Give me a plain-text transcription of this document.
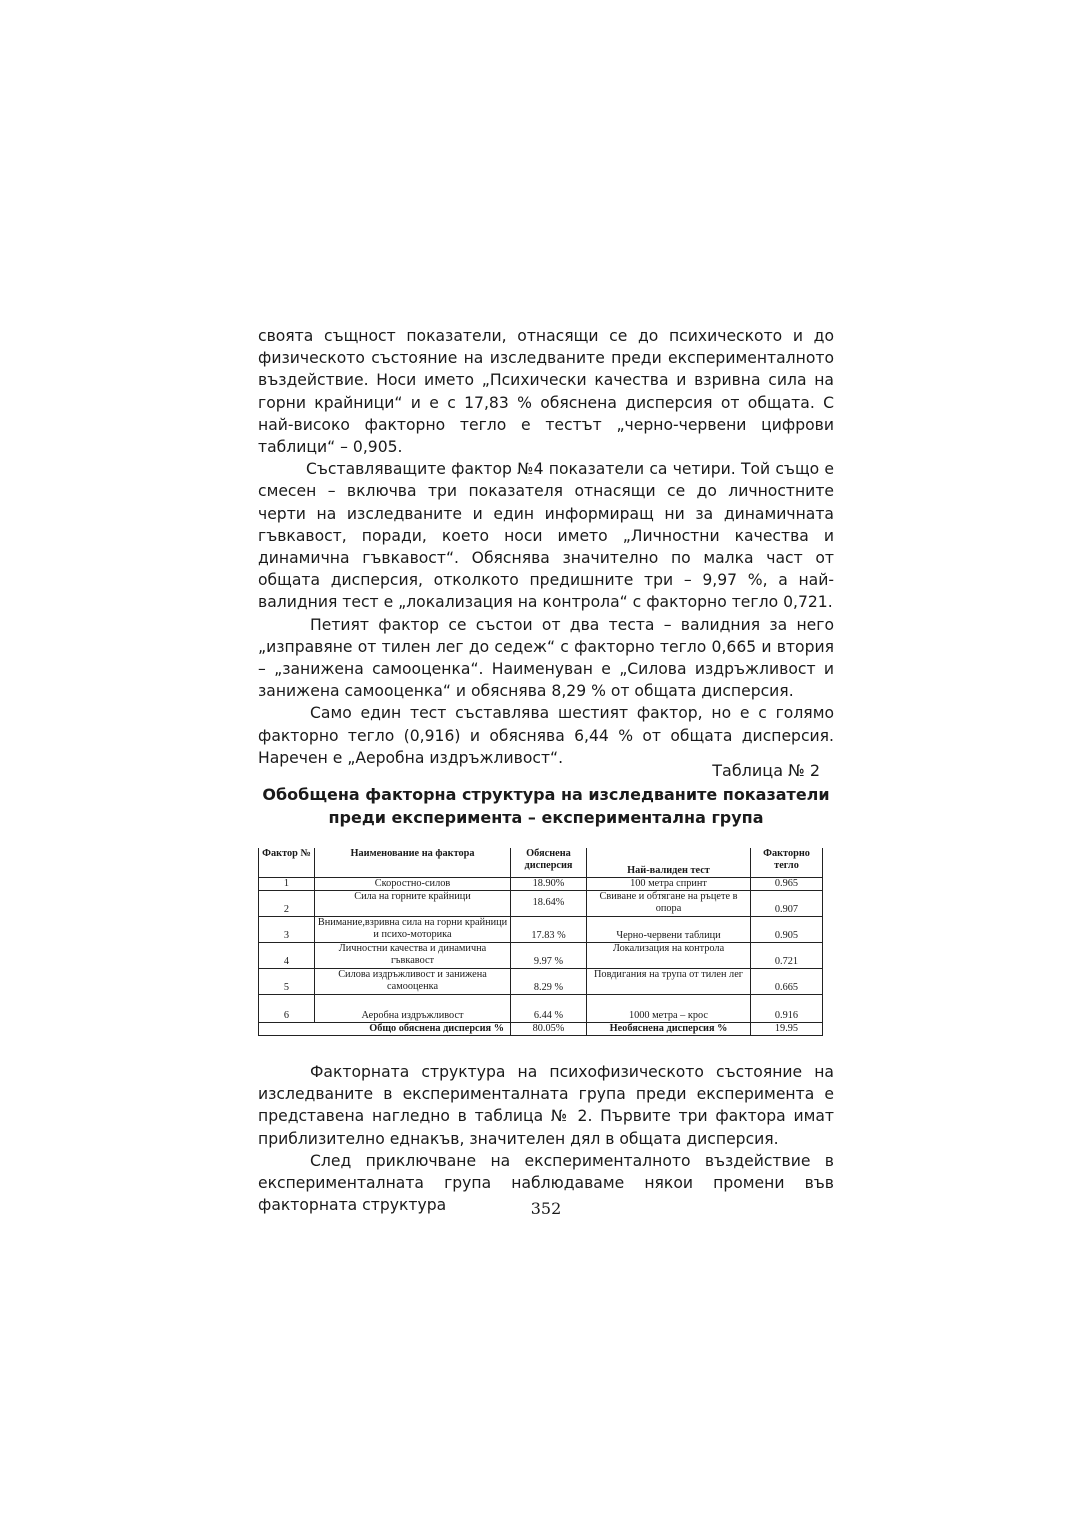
своята същност показатели, отнасящи се до психическото и до физическото състояние на изследваните преди експерименталното въздействие. Носи името „Психически качества и взривна сила на горни крайници“ и е с 17,83 % обяснена дисперсия от общата. С най-високо факторно тегло е тестът „черно-червени цифрови таблици“ – 0,905.

Съставляващите фактор №4 показатели са четири. Той също е смесен – включва три показателя отнасящи се до личностните черти на изследваните и един информиращ ни за динамичната гъвкавост, поради, което носи името „Личностни качества и динамична гъвкавост“. Обяснява значително по малка част от общата дисперсия, отколкото предишните три – 9,97 %, а най-валидния тест е „локализация на контрола“ с факторно тегло 0,721.

Петият фактор се състои от два теста – валидния за него „изправяне от тилен лег до седеж“ с факторно тегло 0,665 и втория – „занижена самооценка“. Наименуван е „Силова издръжливост и занижена самооценка“ и обяснява 8,29 % от общата дисперсия.

Само един тест съставлява шестият фактор, но е с голямо факторно тегло (0,916) и обяснява 6,44 % от общата дисперсия. Наречен е „Аеробна издръжливост“.

Таблица № 2
Обобщена факторна структура на изследваните показатели преди експеримента – експериментална група
Фактор №	Наименование на фактора	Обяснена дисперсия	Най-валиден тест	Факторно тегло
1	Скоростно-силов	18.90%	100 метра спринт	0.965
2	Сила на горните крайници	18.64%	Свиване и обтягане на ръцете в опора	0.907
3	Внимание,взривна сила на горни крайници и психо-моторика	17.83 %	Черно-червени таблици	0.905
4	Личностни качества и динамична гъвкавост	9.97 %	Локализация на контрола	0.721
5	Силова издръжливост и занижена самооценка	8.29 %	Повдигания на трупа от тилен лег	0.665
6	Аеробна издръжливост	6.44 %	1000 метра – крос	0.916
Общо обяснена дисперсия %		80.05%	Необяснена дисперсия %	19.95

Факторната структура на психофизическото състояние на изследваните в експерименталната група преди експеримента е представена нагледно в таблица № 2. Първите три фактора имат приблизително еднакъв, значителен дял в общата дисперсия.

След приключване на експерименталното въздействие в експерименталната група наблюдаваме някои промени във факторната структура	352
